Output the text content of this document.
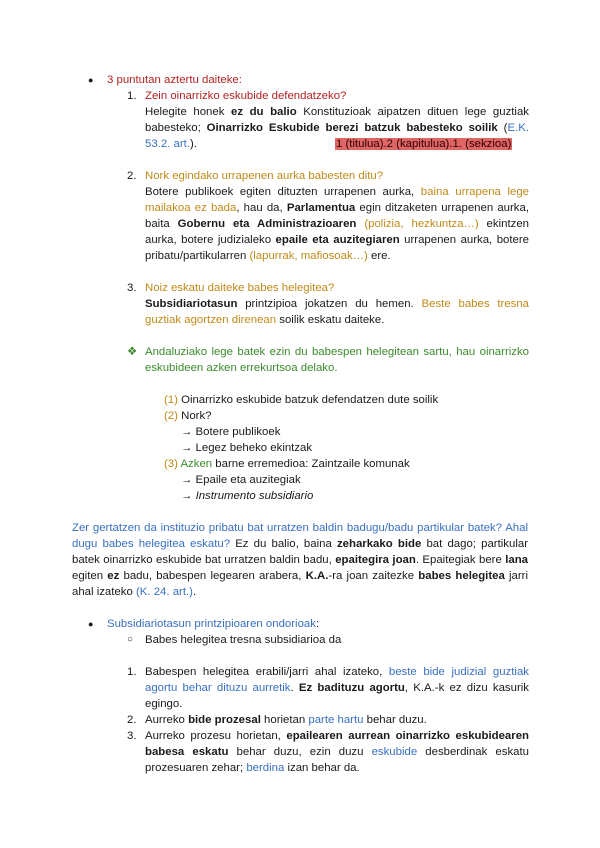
● 3 puntutan aztertu daiteke:
1. Zein oinarrizko eskubide defendatzeko?
Helegite honek ez du balio Konstituzioak aipatzen dituen lege guztiak babesteko; Oinarrizko Eskubide berezi batzuk babesteko soilik (E.K. 53.2. art.).	1 (titulua).2 (kapitulua).1. (sekzioa)
2. Nork egindako urrapenen aurka babesten ditu?
Botere publikoek egiten dituzten urrapenen aurka, baina urrapena lege mailakoa ez bada, hau da, Parlamentua egin ditzaketen urrapenen aurka, baita Gobernu eta Administrazioaren (polizia, hezkuntza…) ekintzen aurka, botere judizialeko epaile eta auzitegiaren urrapenen aurka, botere pribatu/partikularren (lapurrak, mafiosoak…) ere.
3. Noiz eskatu daiteke babes helegitea?
Subsidiariotasun printzipioa jokatzen du hemen. Beste babes tresna guztiak agortzen direnean soilik eskatu daiteke.
❖ Andaluziako lege batek ezin du babespen helegitean sartu, hau oinarrizko eskubideen azken errekurtsoa delako.
(1) Oinarrizko eskubide batzuk defendatzen dute soilik
(2) Nork?
→ Botere publikoek
→ Legez beheko ekintzak
(3) Azken barne erremedioa: Zaintzaile komunak
→ Epaile eta auzitegiak
→ Instrumento subsidiario
Zer gertatzen da instituzio pribatu bat urratzen baldin badugu/badu partikular batek? Ahal dugu babes helegitea eskatu? Ez du balio, baina zeharkako bide bat dago; partikular batek oinarrizko eskubide bat urratzen baldin badu, epaitegira joan. Epaitegiak bere lana egiten ez badu, babespen legearen arabera, K.A.-ra joan zaitezke babes helegitea jarri ahal izateko (K. 24. art.).
● Subsidiariotasun printzipioaren ondorioak:
○ Babes helegitea tresna subsidiarioa da
1. Babespen helegitea erabili/jarri ahal izateko, beste bide judizial guztiak agortu behar dituzu aurretik. Ez badituzu agortu, K.A.-k ez dizu kasurik egingo.
2. Aurreko bide prozesal horietan parte hartu behar duzu.
3. Aurreko prozesu horietan, epailearen aurrean oinarrizko eskubidearen babesa eskatu behar duzu, ezin duzu eskubide desberdinak eskatu prozesuaren zehar; berdina izan behar da.
